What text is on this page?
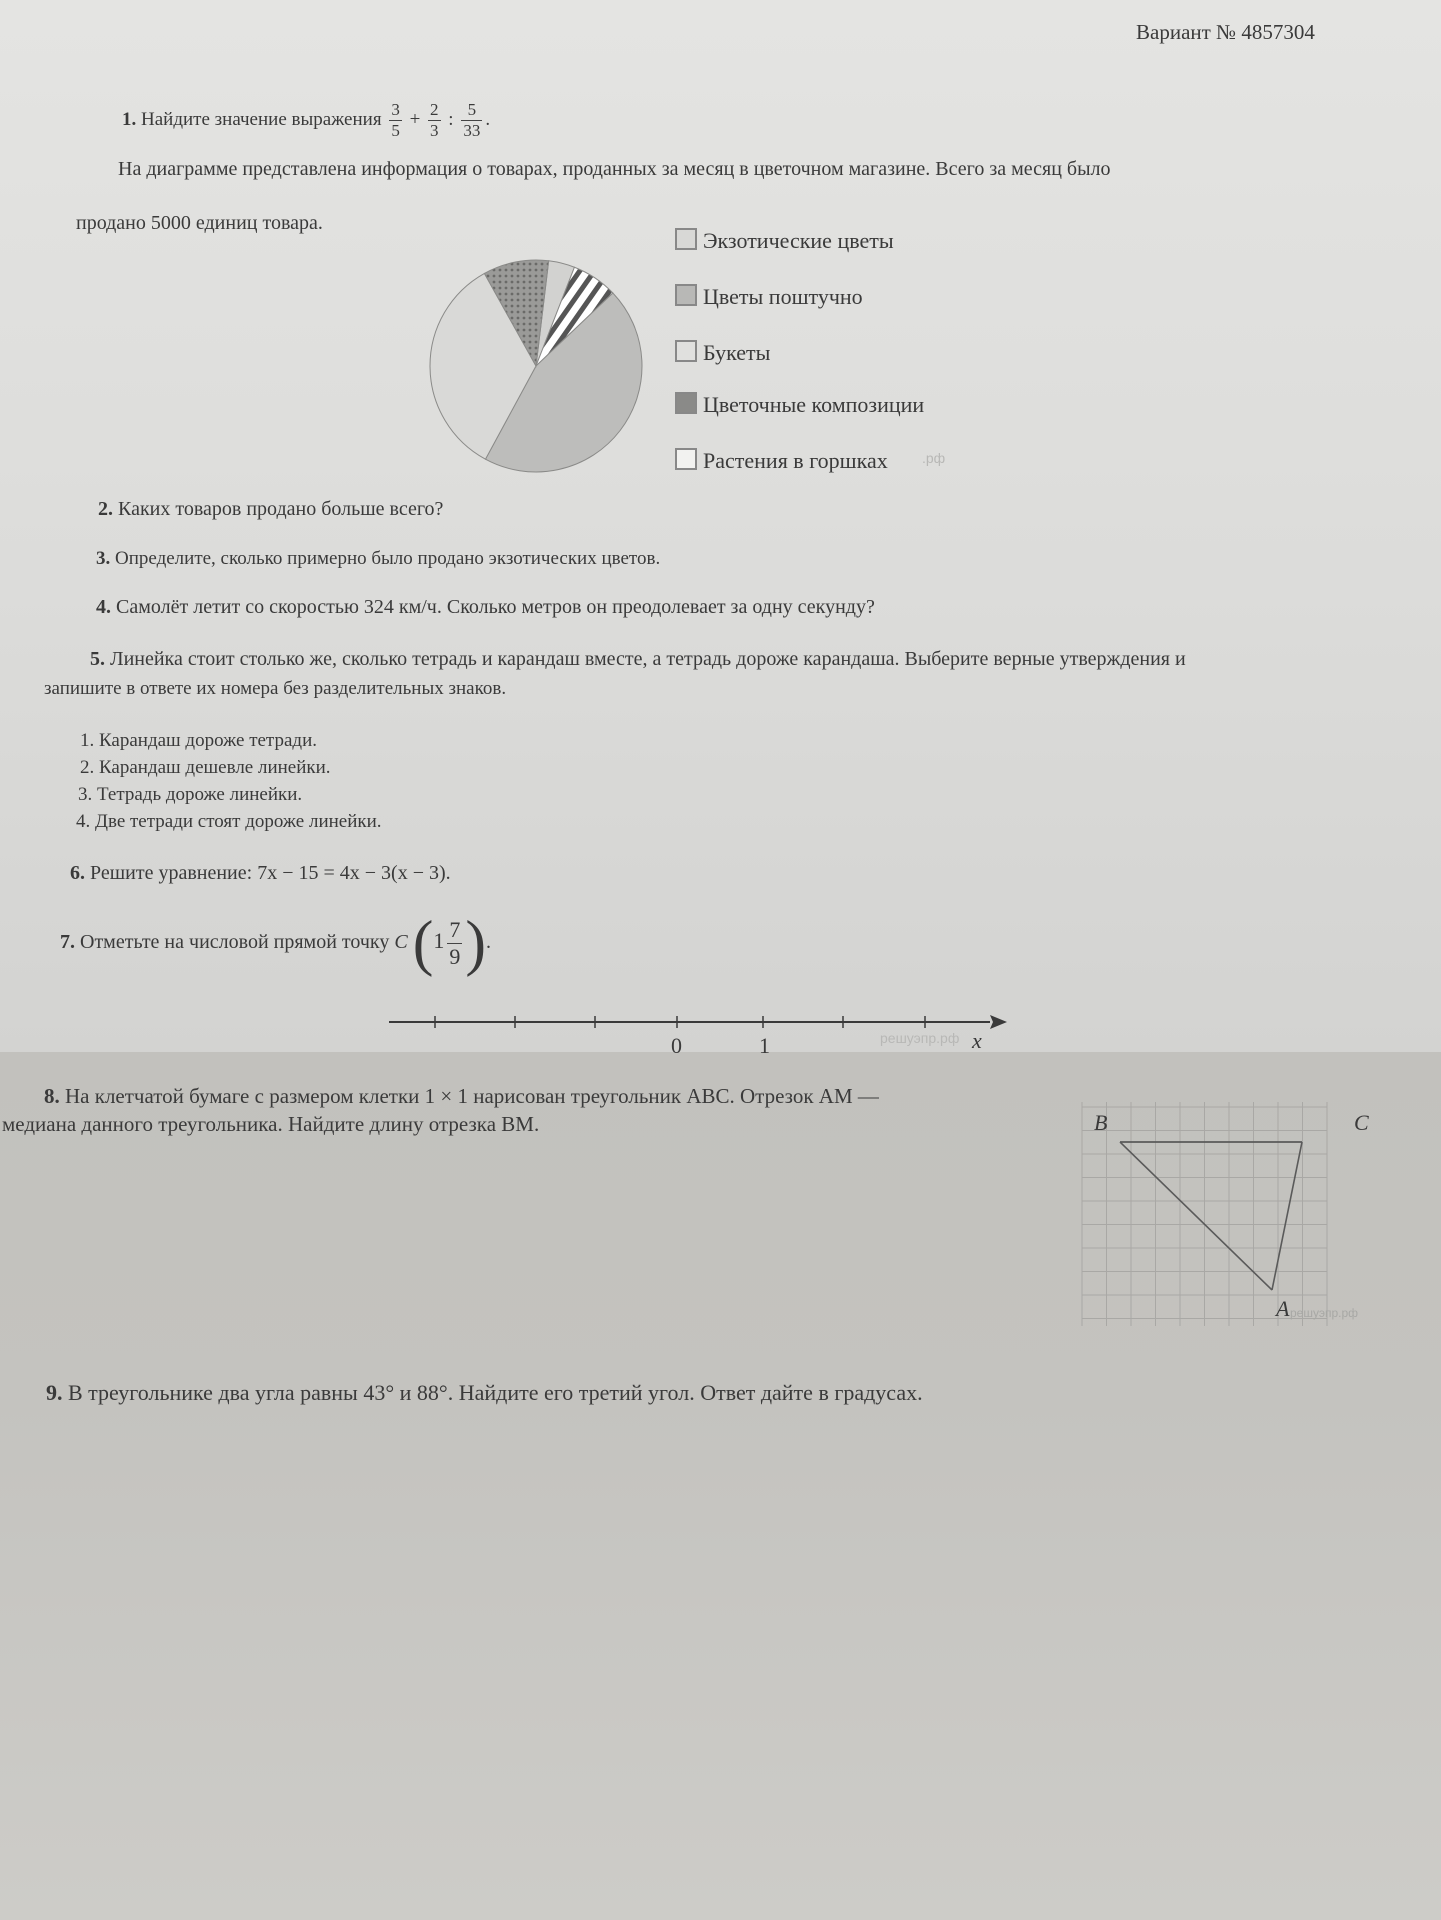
Вариант № 4857304
1. Найдите значение выражения $\frac{3}{5} + \frac{2}{3}$ : $\frac{5}{33}$ .
На диаграмме представлена информация о товарах, проданных за месяц в цветочном магазине. Всего за месяц было
продано 5000 единиц товара.
Экзотические цветы
Цветы поштучно
Букеты
Цветочные композиции
Растения в горшках .рф
2. Каких товаров продано больше всего?
3. Определите, сколько примерно было продано экзотических цветов.
4. Самолёт летит со скоростью 324 км/ч. Сколько метров он преодолевает за одну секунду?
5. Линейка стоит столько же, сколько тетрадь и карандаш вместе, а тетрадь дороже карандаша. Выберите верные утверждения и
запишите в ответе их номера без разделительных знаков.
1. Карандаш дороже тетради.
2. Карандаш дешевле линейки.
3. Тетрадь дороже линейки.
4. Две тетради стоят дороже линейки.
6. Решите уравнение: 7x − 15 = 4x − 3(x − 3).
7. Отметьте на числовой прямой точку C ($1 \frac{7}{9}$ ).
0	1	x
решуэпр.рф
8. На клетчатой бумаге с размером клетки 1 × 1 нарисован треугольник ABC. Отрезок AM —
медиана данного треугольника. Найдите длину отрезка BM.	B	C
A решуэпр.рф
9. В треугольнике два угла равны 43° и 88°. Найдите его третий угол. Ответ дайте в градусах.
